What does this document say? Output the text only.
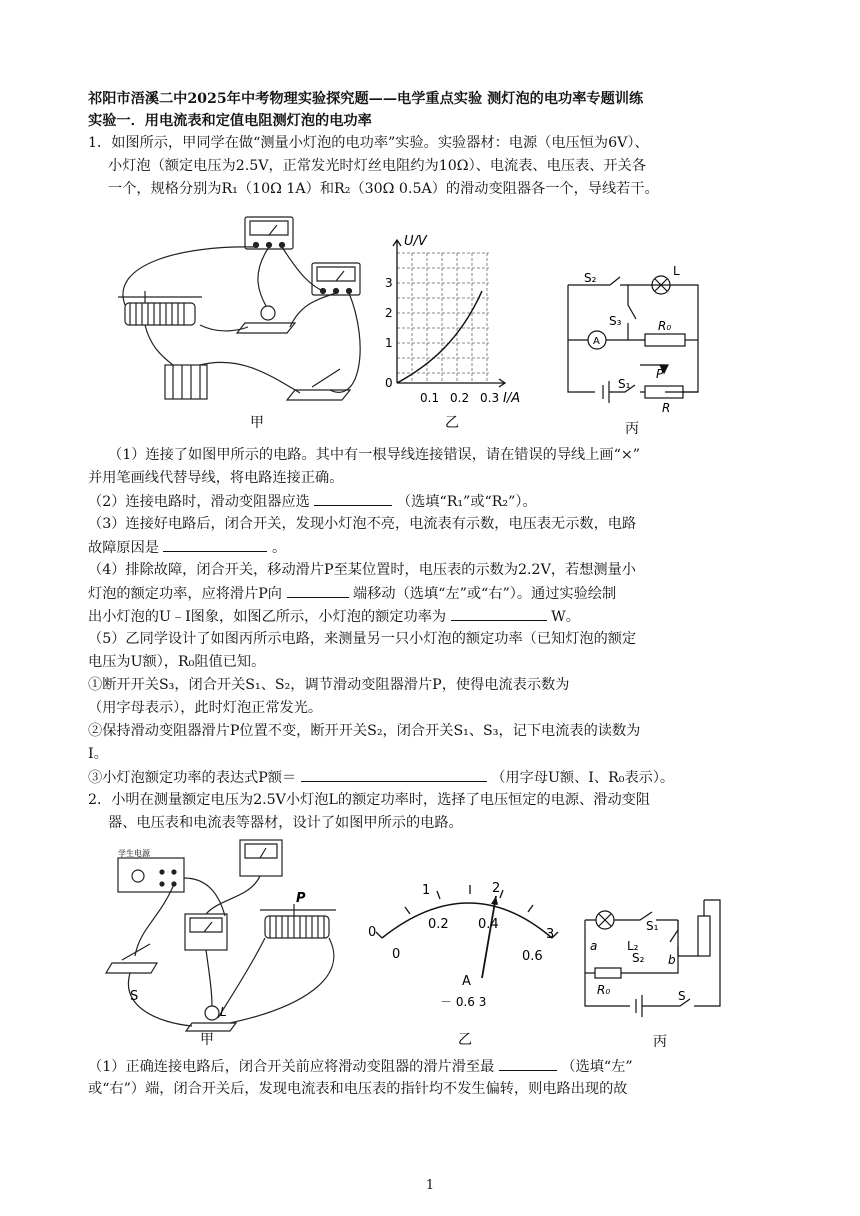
祁阳市浯溪二中2025年中考物理实验探究题——电学重点实验 测灯泡的电功率专题训练
实验一．用电流表和定值电阻测灯泡的电功率
1．如图所示，甲同学在做“测量小灯泡的电功率”实验。实验器材：电源（电压恒为6V）、
小灯泡（额定电压为2.5V，正常发光时灯丝电阻约为10Ω）、电流表、电压表、开关各
一个，规格分别为R₁（10Ω 1A）和R₂（30Ω 0.5A）的滑动变阻器各一个，导线若干。
甲
U/V
0
1
2
3
0.1 0.2 0.3 I/A
乙
S₂
S₃
L
A
R₀
S₁
P
R
丙
（1）连接了如图甲所示的电路。其中有一根导线连接错误，请在错误的导线上画“×”
并用笔画线代替导线，将电路连接正确。
（2）连接电路时，滑动变阻器应选	（选填“R₁”或“R₂”）。
（3）连接好电路后，闭合开关，发现小灯泡不亮，电流表有示数，电压表无示数，电路
故障原因是	。
（4）排除故障，闭合开关，移动滑片P至某位置时，电压表的示数为2.2V，若想测量小
灯泡的额定功率，应将滑片P向	端移动（选填“左”或“右”）。通过实验绘制
出小灯泡的U﹣I图象，如图乙所示，小灯泡的额定功率为	W。
（5）乙同学设计了如图丙所示电路，来测量另一只小灯泡的额定功率（已知灯泡的额定
电压为U额），R₀阻值已知。
①断开开关S₃，闭合开关S₁、S₂，调节滑动变阻器滑片P，使得电流表示数为
（用字母表示），此时灯泡正常发光。
②保持滑动变阻器滑片P位置不变，断开开关S₂，闭合开关S₁、S₃，记下电流表的读数为
I。
③小灯泡额定功率的表达式P额＝	（用字母U额、I、R₀表示）。
2．小明在测量额定电压为2.5V小灯泡L的额定功率时，选择了电压恒定的电源、滑动变阻
器、电压表和电流表等器材，设计了如图甲所示的电路。
学生电源
S
P
L
甲
0
1	2
3
0
0.2 0.4
0.6
A
－ 0.6 3
乙
L₂
S₁
S₂
a
b
R₀	S
丙
（1）正确连接电路后，闭合开关前应将滑动变阻器的滑片滑至最	（选填“左”
或“右”）端，闭合开关后，发现电流表和电压表的指针均不发生偏转，则电路出现的故
1
